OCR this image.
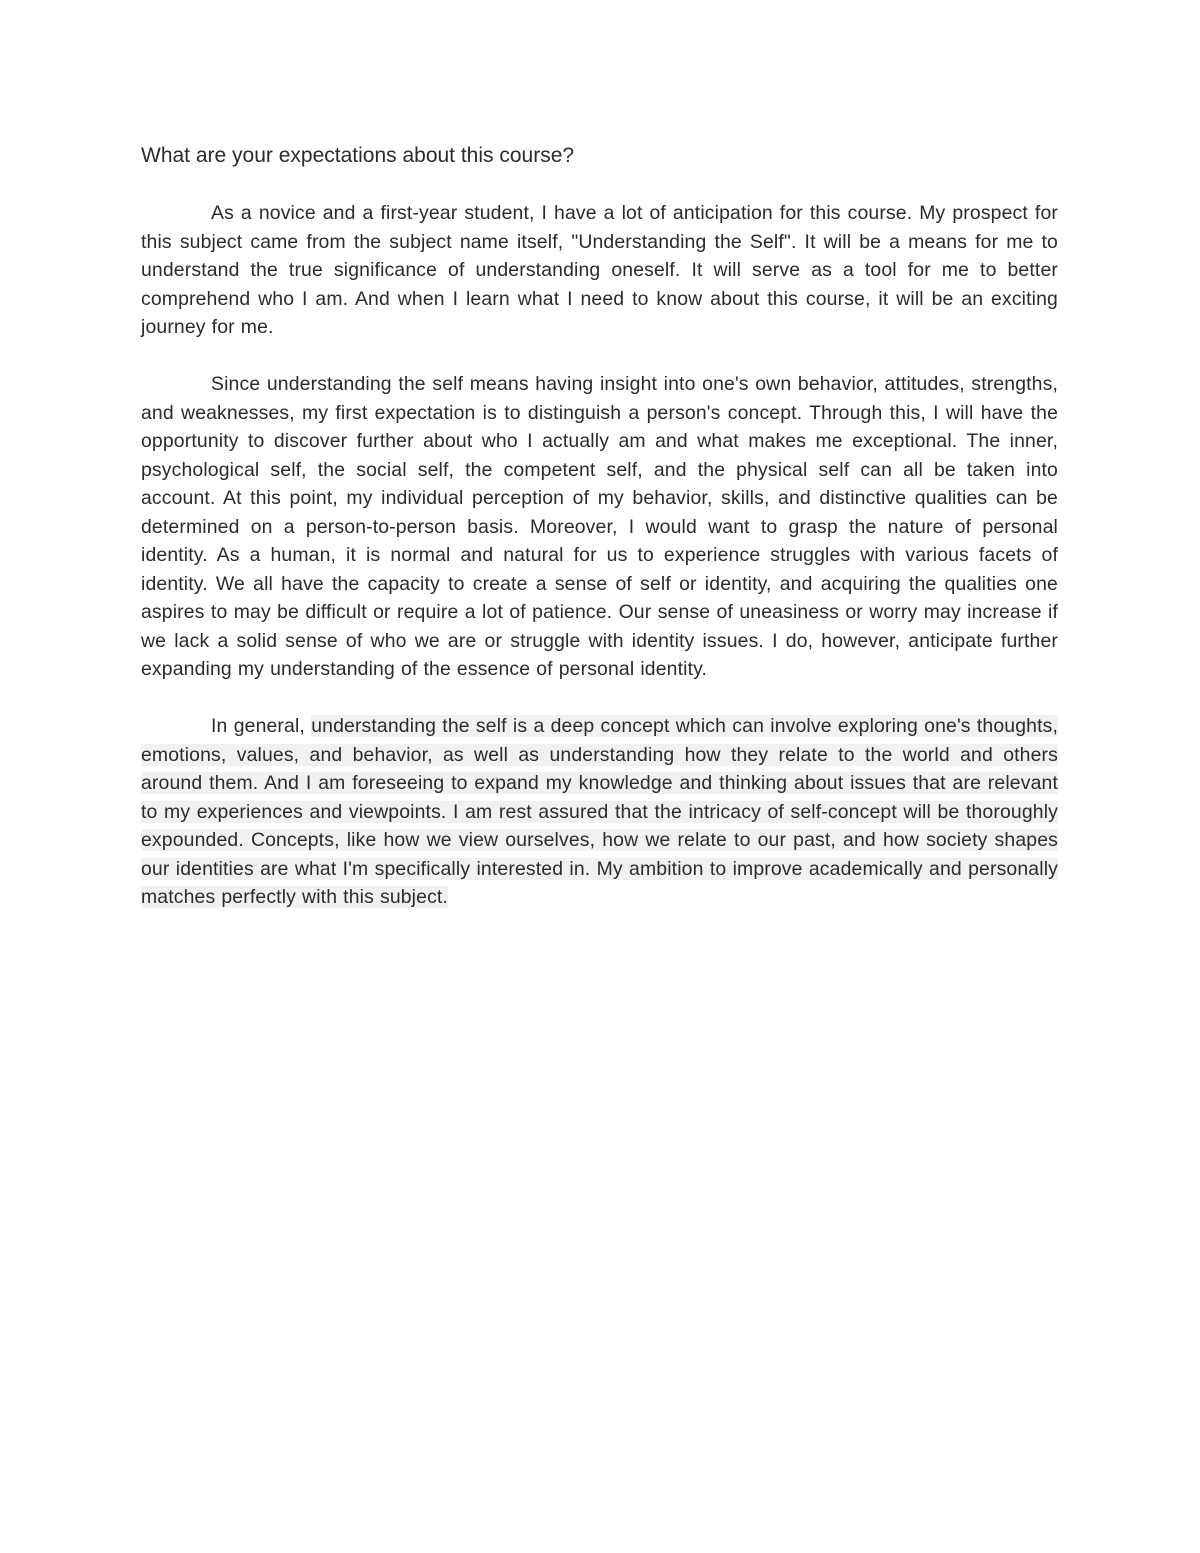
What are your expectations about this course?

As a novice and a first-year student, I have a lot of anticipation for this course. My prospect for this subject came from the subject name itself, "Understanding the Self". It will be a means for me to understand the true significance of understanding oneself. It will serve as a tool for me to better comprehend who I am. And when I learn what I need to know about this course, it will be an exciting journey for me.

Since understanding the self means having insight into one's own behavior, attitudes, strengths, and weaknesses, my first expectation is to distinguish a person's concept. Through this, I will have the opportunity to discover further about who I actually am and what makes me exceptional. The inner, psychological self, the social self, the competent self, and the physical self can all be taken into account. At this point, my individual perception of my behavior, skills, and distinctive qualities can be determined on a person-to-person basis. Moreover, I would want to grasp the nature of personal identity. As a human, it is normal and natural for us to experience struggles with various facets of identity. We all have the capacity to create a sense of self or identity, and acquiring the qualities one aspires to may be difficult or require a lot of patience. Our sense of uneasiness or worry may increase if we lack a solid sense of who we are or struggle with identity issues. I do, however, anticipate further expanding my understanding of the essence of personal identity.

In general, understanding the self is a deep concept which can involve exploring one's thoughts, emotions, values, and behavior, as well as understanding how they relate to the world and others around them. And I am foreseeing to expand my knowledge and thinking about issues that are relevant to my experiences and viewpoints. I am rest assured that the intricacy of self-concept will be thoroughly expounded. Concepts, like how we view ourselves, how we relate to our past, and how society shapes our identities are what I'm specifically interested in. My ambition to improve academically and personally matches perfectly with this subject.
